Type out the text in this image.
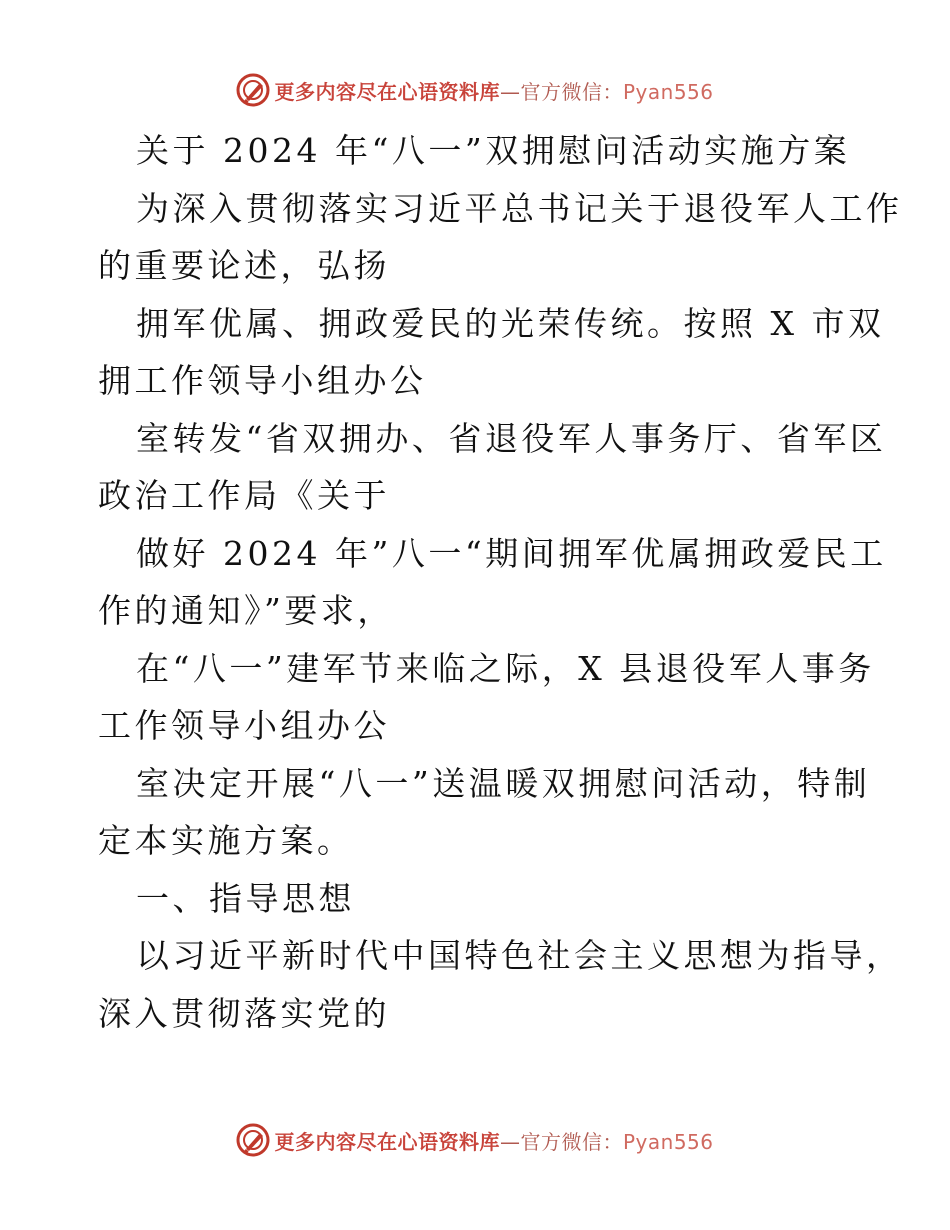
更多内容尽在心语资料库—官方微信：Pyan556
关于 2024 年“八一”双拥慰问活动实施方案
为深入贯彻落实习近平总书记关于退役军人工作
的重要论述，弘扬
拥军优属、拥政爱民的光荣传统。按照 X 市双
拥工作领导小组办公
室转发“省双拥办、省退役军人事务厅、省军区
政治工作局《关于
做好 2024 年”八一“期间拥军优属拥政爱民工
作的通知》”要求，
在“八一”建军节来临之际，X 县退役军人事务
工作领导小组办公
室决定开展“八一”送温暖双拥慰问活动，特制
定本实施方案。
一、指导思想
以习近平新时代中国特色社会主义思想为指导，
深入贯彻落实党的
更多内容尽在心语资料库—官方微信：Pyan556
